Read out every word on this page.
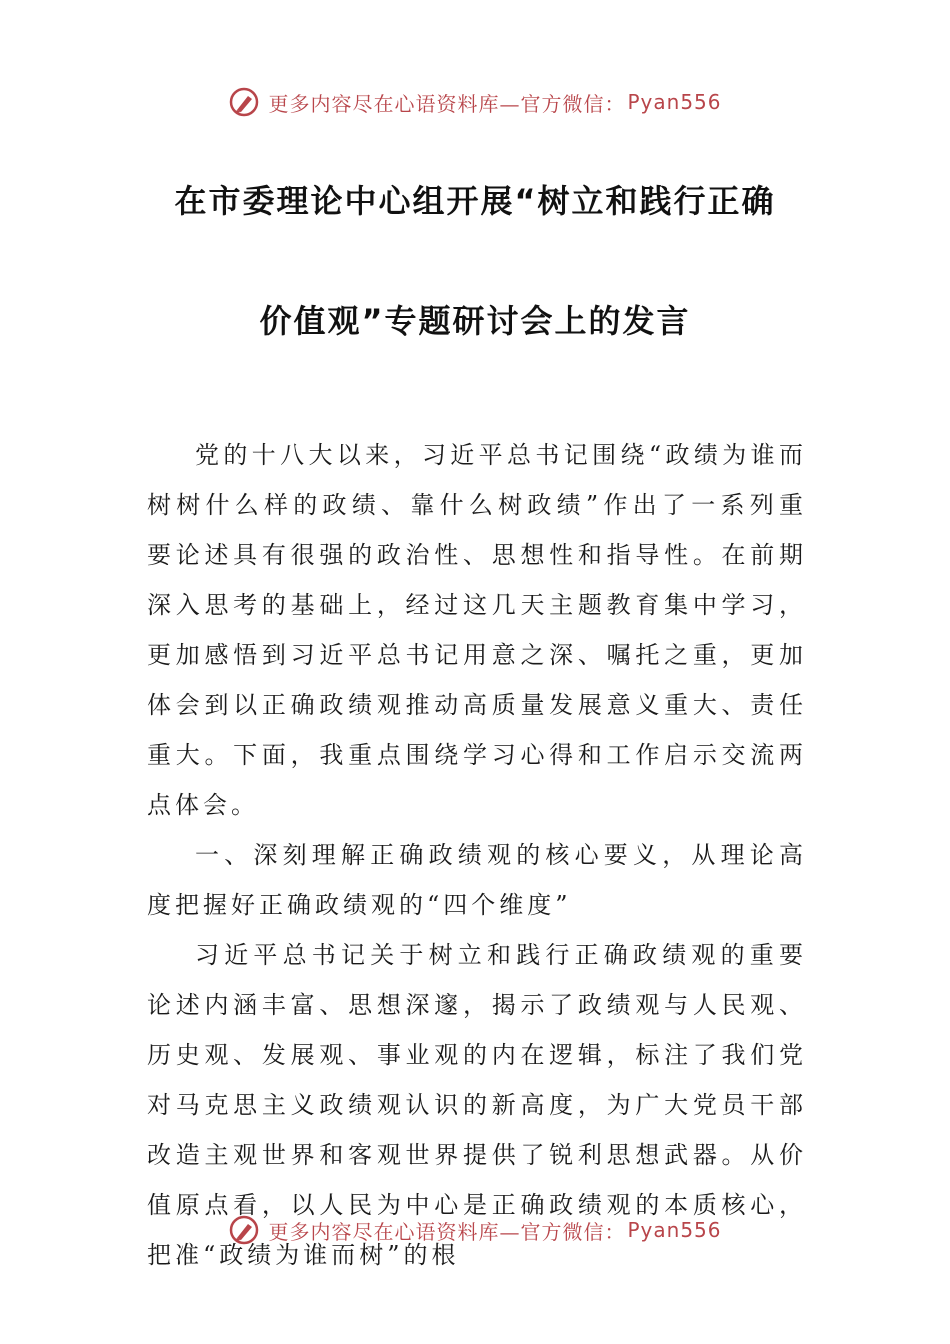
更多内容尽在心语资料库—官方微信： Pyan556
在市委理论中心组开展“树立和践行正确
价值观”专题研讨会上的发言

党的十八大以来，习近平总书记围绕“政绩为谁而树树什么样的政绩、靠什么树政绩”作出了一系列重要论述具有很强的政治性、思想性和指导性。在前期深入思考的基础上，经过这几天主题教育集中学习，更加感悟到习近平总书记用意之深、嘱托之重，更加体会到以正确政绩观推动高质量发展意义重大、责任重大。下面，我重点围绕学习心得和工作启示交流两点体会。

一、深刻理解正确政绩观的核心要义，从理论高度把握好正确政绩观的“四个维度”

习近平总书记关于树立和践行正确政绩观的重要论述内涵丰富、思想深邃，揭示了政绩观与人民观、历史观、发展观、事业观的内在逻辑，标注了我们党对马克思主义政绩观认识的新高度，为广大党员干部改造主观世界和客观世界提供了锐利思想武器。从价值原点看，以人民为中心是正确政绩观的本质核心，把准“政绩为谁而树”的根

更多内容尽在心语资料库—官方微信： Pyan556
